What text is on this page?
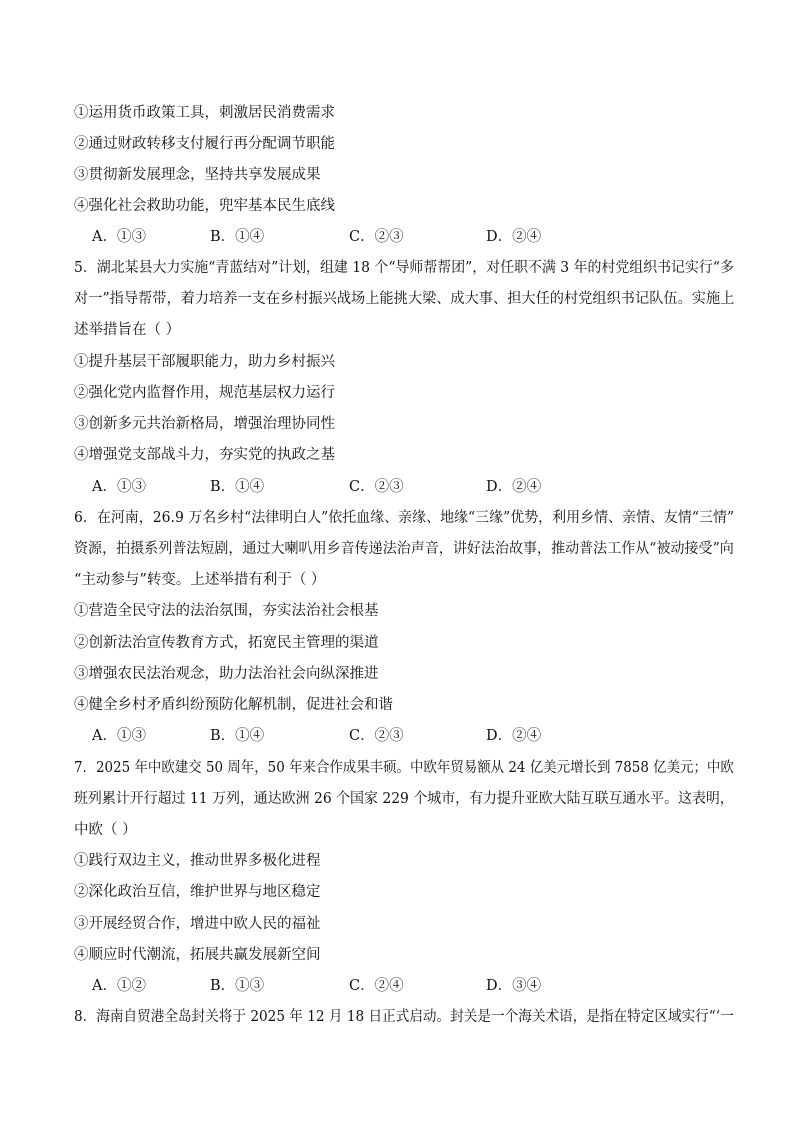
①运用货币政策工具，刺激居民消费需求
②通过财政转移支付履行再分配调节职能
③贯彻新发展理念，坚持共享发展成果
④强化社会救助功能，兜牢基本民生底线
A．①③	B．①④	C．②③	D．②④
5．湖北某县大力实施“青蓝结对”计划，组建 18 个“导师帮帮团”，对任职不满 3 年的村党组织书记实行“多
对一”指导帮带，着力培养一支在乡村振兴战场上能挑大梁、成大事、担大任的村党组织书记队伍。实施上
述举措旨在（ ）
①提升基层干部履职能力，助力乡村振兴
②强化党内监督作用，规范基层权力运行
③创新多元共治新格局，增强治理协同性
④增强党支部战斗力，夯实党的执政之基
A．①③	B．①④	C．②③	D．②④
6．在河南，26.9 万名乡村“法律明白人”依托血缘、亲缘、地缘“三缘”优势，利用乡情、亲情、友情“三情”
资源，拍摄系列普法短剧，通过大喇叭用乡音传递法治声音，讲好法治故事，推动普法工作从“被动接受”向
“主动参与”转变。上述举措有利于（ ）
①营造全民守法的法治氛围，夯实法治社会根基
②创新法治宣传教育方式，拓宽民主管理的渠道
③增强农民法治观念，助力法治社会向纵深推进
④健全乡村矛盾纠纷预防化解机制，促进社会和谐
A．①③	B．①④	C．②③	D．②④
7．2025 年中欧建交 50 周年，50 年来合作成果丰硕。中欧年贸易额从 24 亿美元增长到 7858 亿美元；中欧
班列累计开行超过 11 万列，通达欧洲 26 个国家 229 个城市，有力提升亚欧大陆互联互通水平。这表明，
中欧（ ）
①践行双边主义，推动世界多极化进程
②深化政治互信，维护世界与地区稳定
③开展经贸合作，增进中欧人民的福祉
④顺应时代潮流，拓展共赢发展新空间
A．①②	B．①③	C．②④	D．③④
8．海南自贸港全岛封关将于 2025 年 12 月 18 日正式启动。封关是一个海关术语，是指在特定区域实行“‘一
